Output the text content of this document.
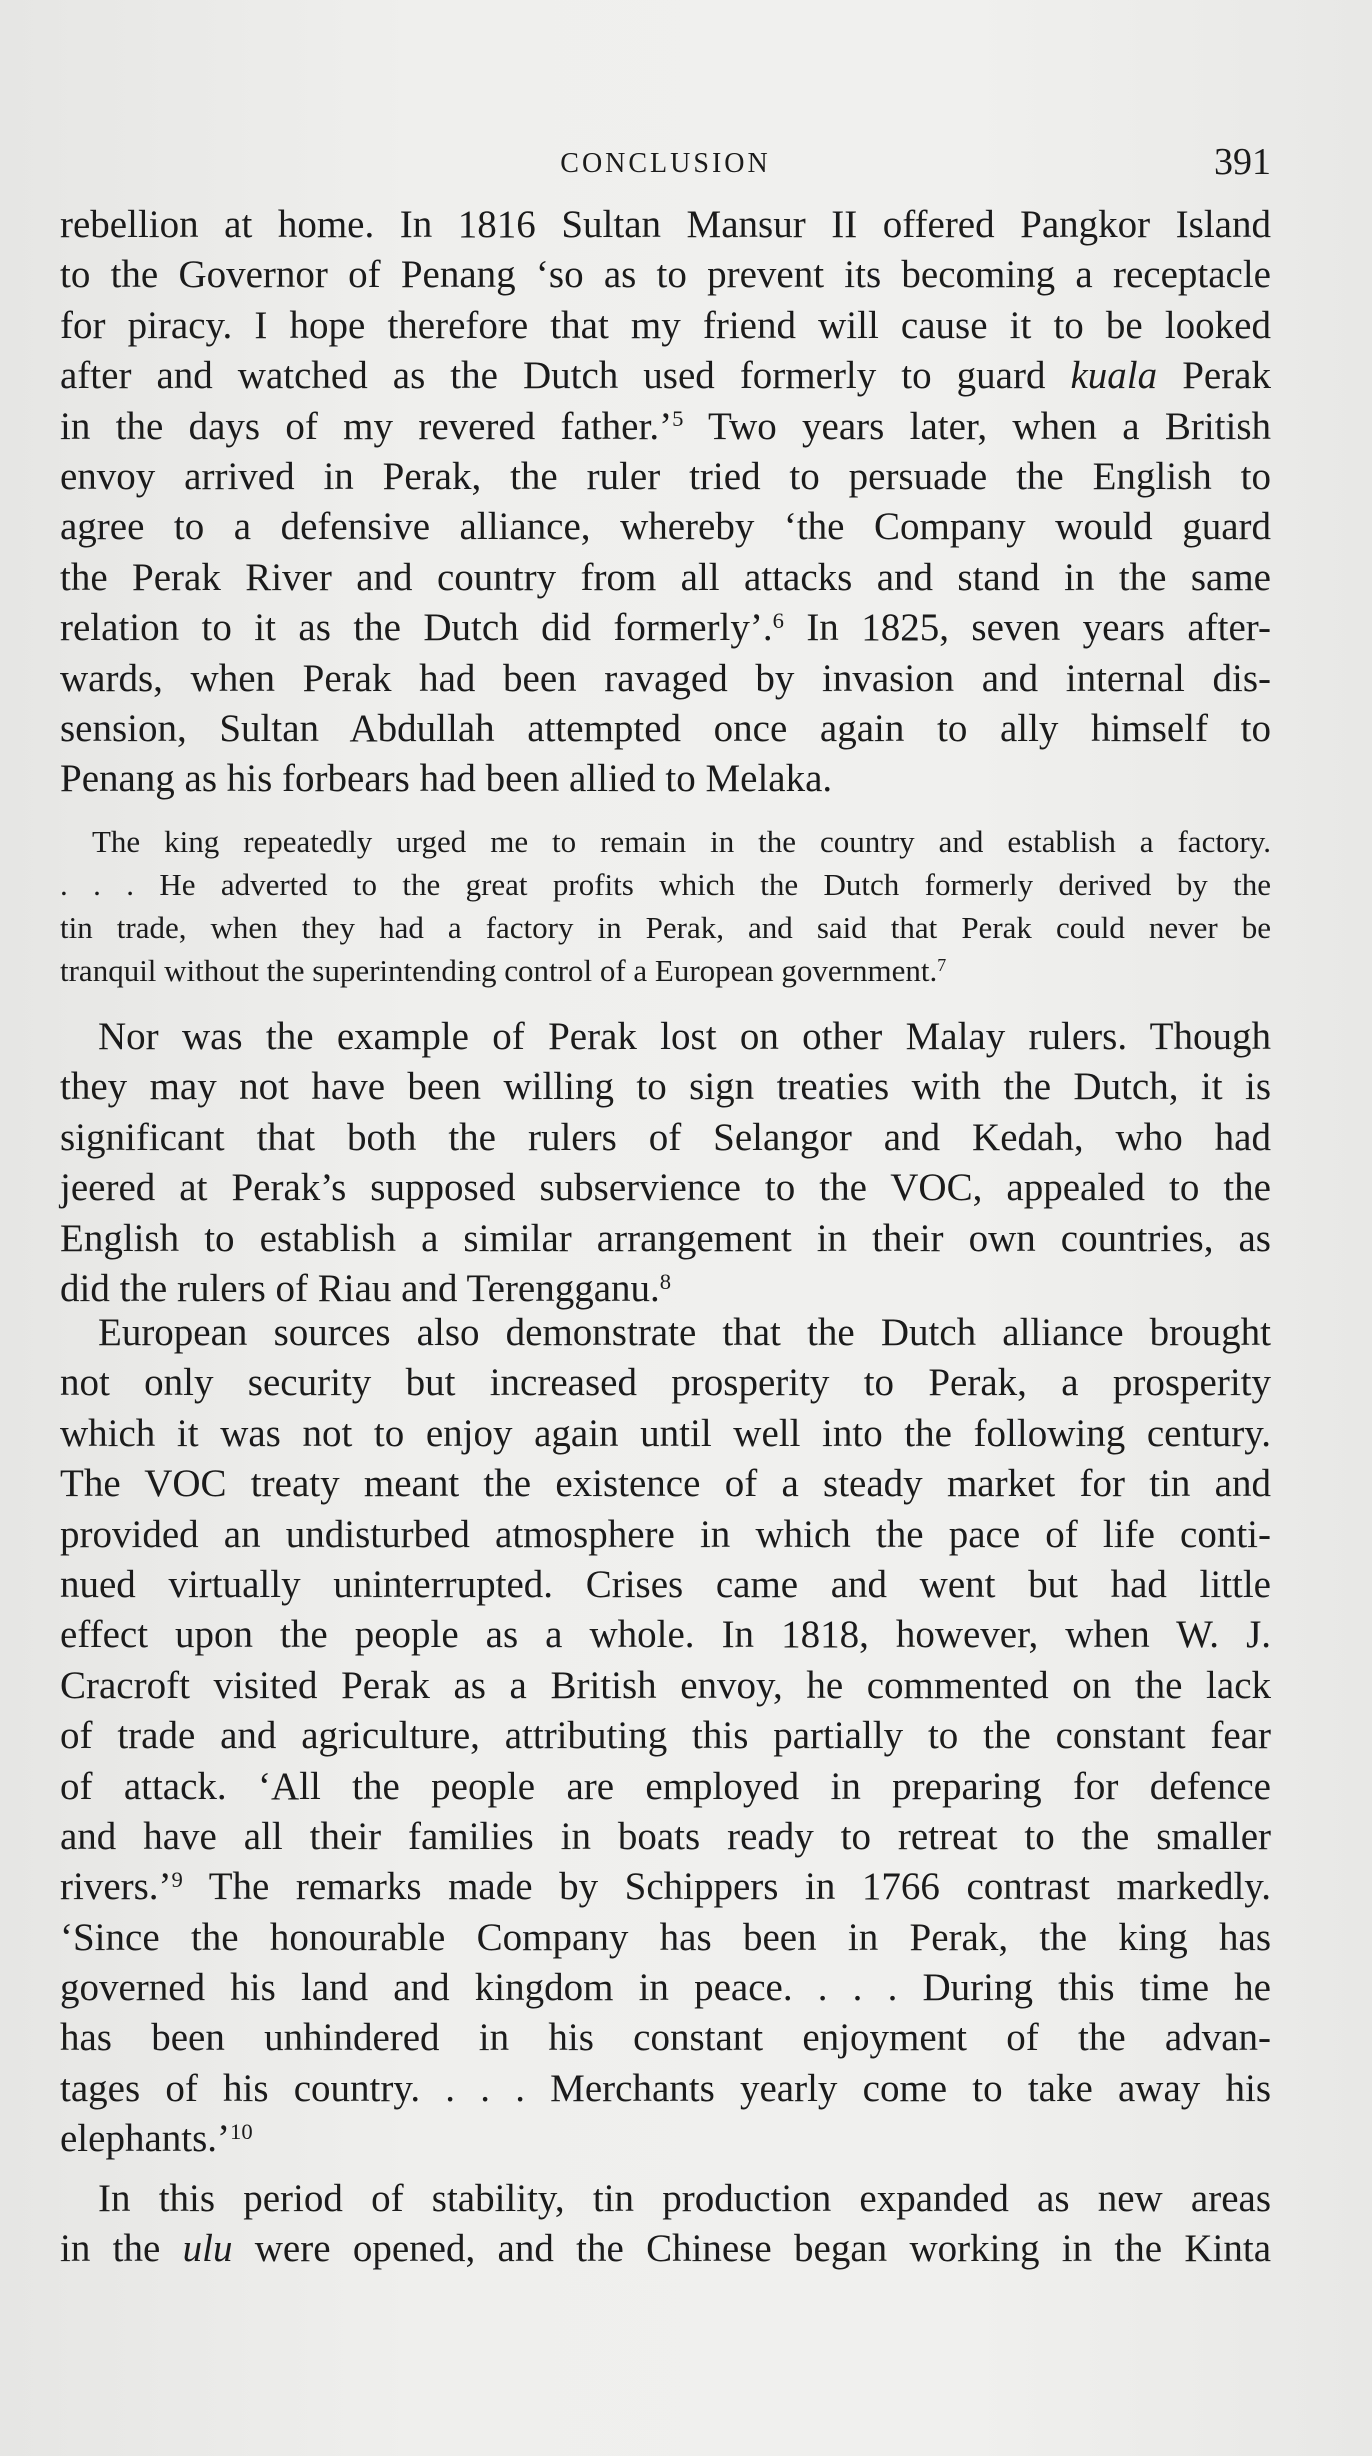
CONCLUSION	391
rebellion at home. In 1816 Sultan Mansur II offered Pangkor Island
to the Governor of Penang ‘so as to prevent its becoming a receptacle
for piracy. I hope therefore that my friend will cause it to be looked
after and watched as the Dutch used formerly to guard kuala Perak
in the days of my revered father.’$^5$ Two years later, when a British
envoy arrived in Perak, the ruler tried to persuade the English to
agree to a defensive alliance, whereby ‘the Company would guard
the Perak River and country from all attacks and stand in the same
relation to it as the Dutch did formerly’.$^6$ In 1825, seven years after-
wards, when Perak had been ravaged by invasion and internal dis-
sension, Sultan Abdullah attempted once again to ally himself to
Penang as his forbears had been allied to Melaka.
The king repeatedly urged me to remain in the country and establish a factory.
. . . He adverted to the great profits which the Dutch formerly derived by the
tin trade, when they had a factory in Perak, and said that Perak could never be
tranquil without the superintending control of a European government.$^7$
Nor was the example of Perak lost on other Malay rulers. Though
they may not have been willing to sign treaties with the Dutch, it is
significant that both the rulers of Selangor and Kedah, who had
jeered at Perak’s supposed subservience to the VOC, appealed to the
English to establish a similar arrangement in their own countries, as
did the rulers of Riau and Terengganu.$^8$
European sources also demonstrate that the Dutch alliance brought
not only security but increased prosperity to Perak, a prosperity
which it was not to enjoy again until well into the following century.
The VOC treaty meant the existence of a steady market for tin and
provided an undisturbed atmosphere in which the pace of life conti-
nued virtually uninterrupted. Crises came and went but had little
effect upon the people as a whole. In 1818, however, when W. J.
Cracroft visited Perak as a British envoy, he commented on the lack
of trade and agriculture, attributing this partially to the constant fear
of attack. ‘All the people are employed in preparing for defence
and have all their families in boats ready to retreat to the smaller
rivers.’$^9$ The remarks made by Schippers in 1766 contrast markedly.
‘Since the honourable Company has been in Perak, the king has
governed his land and kingdom in peace. . . . During this time he
has been unhindered in his constant enjoyment of the advan-
tages of his country. . . . Merchants yearly come to take away his
elephants.’$^{10}$
In this period of stability, tin production expanded as new areas
in the ulu were opened, and the Chinese began working in the Kinta
